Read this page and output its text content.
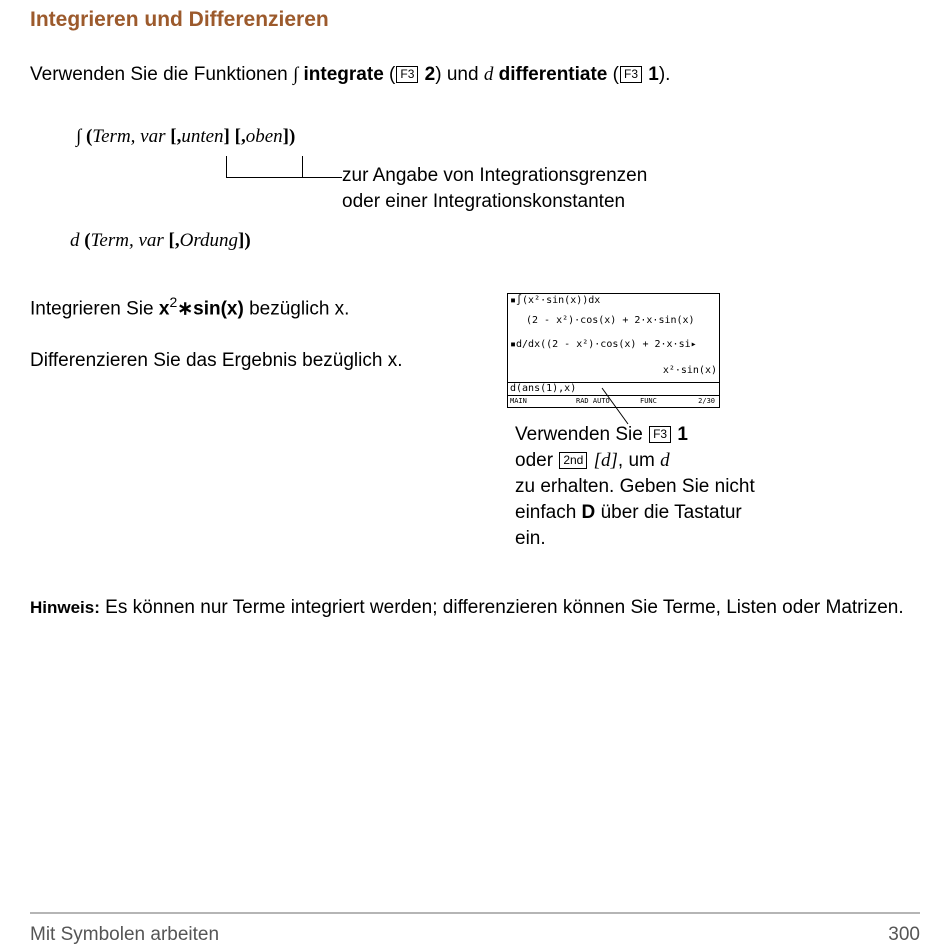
Integrieren und Differenzieren
Verwenden Sie die Funktionen ∫ integrate ( F3 2) und d differentiate ( F3 1).
∫ (Term, var [,unten] [,oben])
zur Angabe von Integrationsgrenzen
oder einer Integrationskonstanten
d (Term, var [,Ordung])
Integrieren Sie $x^2∗\sin(x)$ bezüglich x.
Differenzieren Sie das Ergebnis bezüglich x.
▪∫(x²·sin(x))dx
(2 - x²)·cos(x) + 2·x·sin(x)
▪d/dx((2 - x²)·cos(x) + 2·x·si▸
x²·sin(x)
d(ans(1),x)
MAIN	RAD AUTO	FUNC	2/30
Verwenden Sie F3 1
oder 2nd [d], um d
zu erhalten. Geben Sie nicht einfach D über die Tastatur ein.
Hinweis: Es können nur Terme integriert werden; differenzieren können Sie Terme, Listen oder Matrizen.
Mit Symbolen arbeiten	300
